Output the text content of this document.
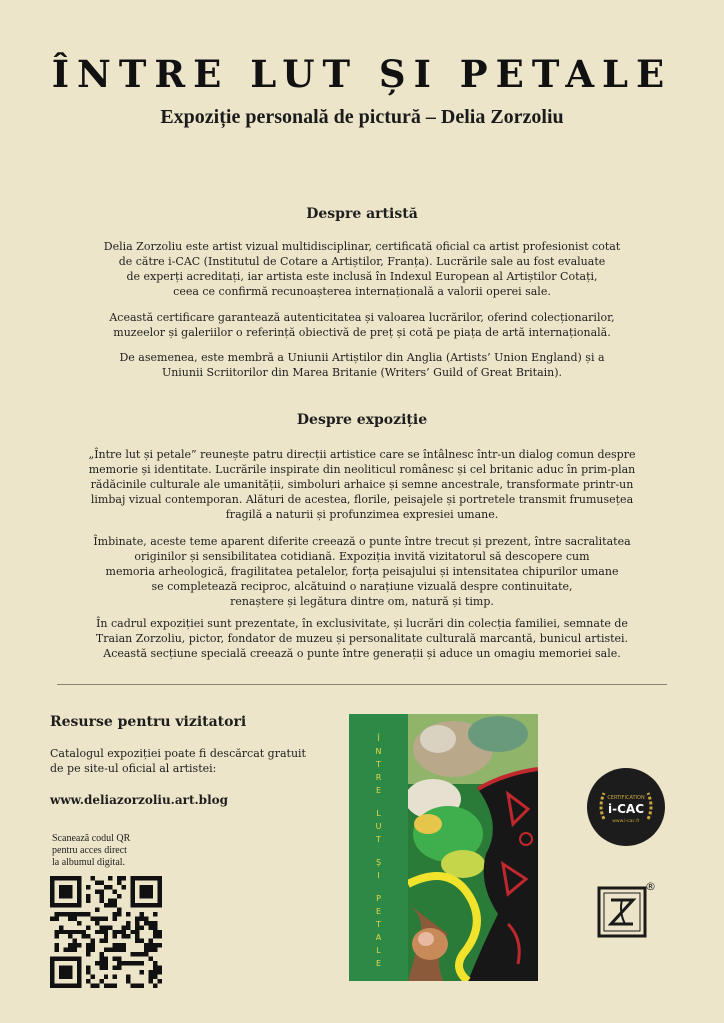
ÎNTRE LUT ȘI PETALE
Expoziție personală de pictură – Delia Zorzoliu
Despre artistă
Delia Zorzoliu este artist vizual multidisciplinar, certificată oficial ca artist profesionist cotat
de către i-CAC (Institutul de Cotare a Artiștilor, Franța). Lucrările sale au fost evaluate
de experți acreditați, iar artista este inclusă în Indexul European al Artiștilor Cotați,
ceea ce confirmă recunoașterea internațională a valorii operei sale.
Această certificare garantează autenticitatea și valoarea lucrărilor, oferind colecționarilor,
muzeelor și galeriilor o referință obiectivă de preț și cotă pe piața de artă internațională.
De asemenea, este membră a Uniunii Artiștilor din Anglia (Artists’ Union England) și a
Uniunii Scriitorilor din Marea Britanie (Writers’ Guild of Great Britain).
Despre expoziție
„Între lut și petale” reunește patru direcții artistice care se întâlnesc într-un dialog comun despre
memorie și identitate. Lucrările inspirate din neoliticul românesc și cel britanic aduc în prim-plan
rădăcinile culturale ale umanității, simboluri arhaice și semne ancestrale, transformate printr-un
limbaj vizual contemporan. Alături de acestea, florile, peisajele și portretele transmit frumusețea
fragilă a naturii și profunzimea expresiei umane.
Îmbinate, aceste teme aparent diferite creează o punte între trecut și prezent, între sacralitatea
originilor și sensibilitatea cotidiană. Expoziția invită vizitatorul să descopere cum
memoria arheologică, fragilitatea petalelor, forța peisajului și intensitatea chipurilor umane
se completează reciproc, alcătuind o narațiune vizuală despre continuitate,
renaștere și legătura dintre om, natură și timp.
În cadrul expoziției sunt prezentate, în exclusivitate, și lucrări din colecția familiei, semnate de
Traian Zorzoliu, pictor, fondator de muzeu și personalitate culturală marcantă, bunicul artistei.
Această secțiune specială creează o punte între generații și aduce un omagiu memoriei sale.
Resurse pentru vizitatori
Catalogul expoziției poate fi descărcat gratuit
de pe site-ul oficial al artistei:
www.deliazorzoliu.art.blog
Scanează codul QR
pentru acces direct
la albumul digital.
Î
N
T
R
E
L
U
T
Ș
I
P
E
T
A
L
E
CERTIFICATION
i-CAC
www.i-cac.fr
®
